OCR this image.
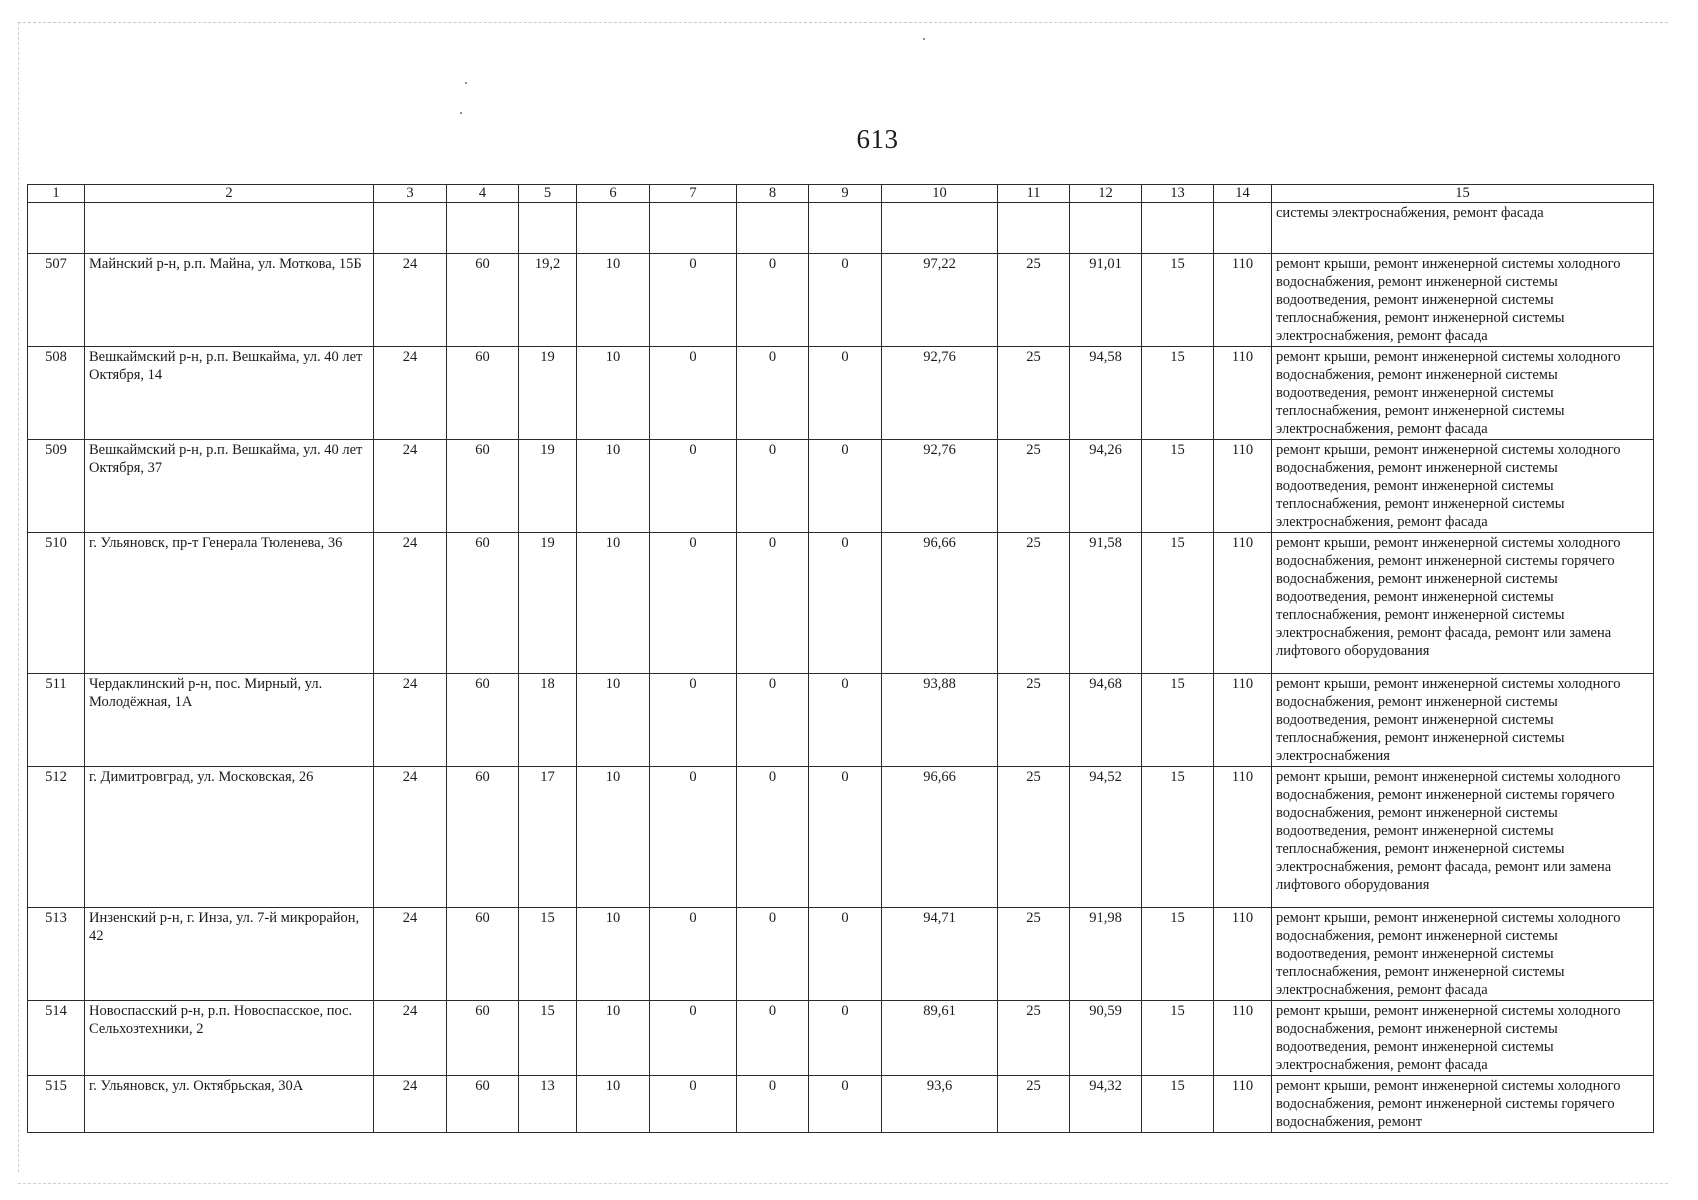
613
1	2	3	4	5	6	7	8	9	10	11	12	13	14	15
														системы электроснабжения, ремонт фасада
507	Майнский р-н, р.п. Майна, ул. Моткова, 15Б	24	60	19,2	10	0	0	0	97,22	25	91,01	15	110	ремонт крыши, ремонт инженерной системы холодного водоснабжения, ремонт инженерной системы водоотведения, ремонт инженерной системы теплоснабжения, ремонт инженерной системы электроснабжения, ремонт фасада
508	Вешкаймский р-н, р.п. Вешкайма, ул. 40 лет Октября, 14	24	60	19	10	0	0	0	92,76	25	94,58	15	110	ремонт крыши, ремонт инженерной системы холодного водоснабжения, ремонт инженерной системы водоотведения, ремонт инженерной системы теплоснабжения, ремонт инженерной системы электроснабжения, ремонт фасада
509	Вешкаймский р-н, р.п. Вешкайма, ул. 40 лет Октября, 37	24	60	19	10	0	0	0	92,76	25	94,26	15	110	ремонт крыши, ремонт инженерной системы холодного водоснабжения, ремонт инженерной системы водоотведения, ремонт инженерной системы теплоснабжения, ремонт инженерной системы электроснабжения, ремонт фасада
510	г. Ульяновск, пр-т Генерала Тюленева, 36	24	60	19	10	0	0	0	96,66	25	91,58	15	110	ремонт крыши, ремонт инженерной системы холодного водоснабжения, ремонт инженерной системы горячего водоснабжения, ремонт инженерной системы водоотведения, ремонт инженерной системы теплоснабжения, ремонт инженерной системы электроснабжения, ремонт фасада, ремонт или замена лифтового оборудования
511	Чердаклинский р-н, пос. Мирный, ул. Молодёжная, 1А	24	60	18	10	0	0	0	93,88	25	94,68	15	110	ремонт крыши, ремонт инженерной системы холодного водоснабжения, ремонт инженерной системы водоотведения, ремонт инженерной системы теплоснабжения, ремонт инженерной системы электроснабжения
512	г. Димитровград, ул. Московская, 26	24	60	17	10	0	0	0	96,66	25	94,52	15	110	ремонт крыши, ремонт инженерной системы холодного водоснабжения, ремонт инженерной системы горячего водоснабжения, ремонт инженерной системы водоотведения, ремонт инженерной системы теплоснабжения, ремонт инженерной системы электроснабжения, ремонт фасада, ремонт или замена лифтового оборудования
513	Инзенский р-н, г. Инза, ул. 7-й микрорайон, 42	24	60	15	10	0	0	0	94,71	25	91,98	15	110	ремонт крыши, ремонт инженерной системы холодного водоснабжения, ремонт инженерной системы водоотведения, ремонт инженерной системы теплоснабжения, ремонт инженерной системы электроснабжения, ремонт фасада
514	Новоспасский р-н, р.п. Новоспасское, пос. Сельхозтехники, 2	24	60	15	10	0	0	0	89,61	25	90,59	15	110	ремонт крыши, ремонт инженерной системы холодного водоснабжения, ремонт инженерной системы водоотведения, ремонт инженерной системы электроснабжения, ремонт фасада
515	г. Ульяновск, ул. Октябрьская, 30А	24	60	13	10	0	0	0	93,6	25	94,32	15	110	ремонт крыши, ремонт инженерной системы холодного водоснабжения, ремонт инженерной системы горячего водоснабжения, ремонт
